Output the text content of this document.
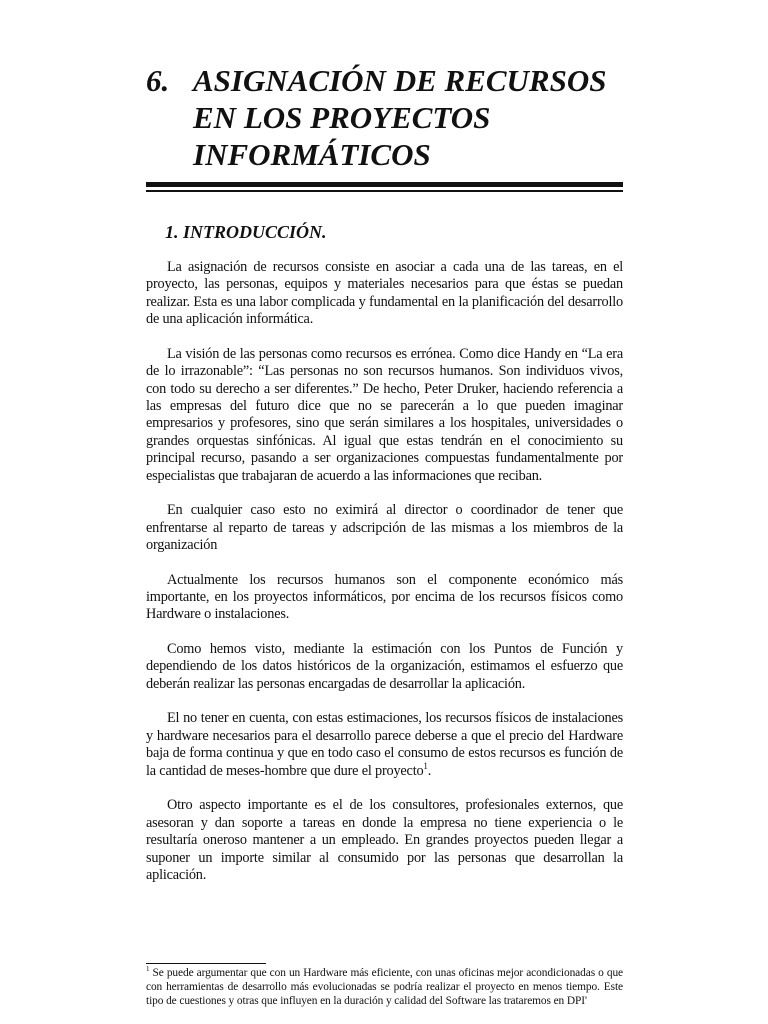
6. ASIGNACIÓN DE RECURSOS EN LOS PROYECTOS INFORMÁTICOS
1. INTRODUCCIÓN.

La asignación de recursos consiste en asociar a cada una de las tareas, en el proyecto, las personas, equipos y materiales necesarios para que éstas se puedan realizar. Esta es una labor complicada y fundamental en la planificación del desarrollo de una aplicación informática.

La visión de las personas como recursos es errónea. Como dice Handy en “La era de lo irrazonable”: “Las personas no son recursos humanos. Son individuos vivos, con todo su derecho a ser diferentes.” De hecho, Peter Druker, haciendo referencia a las empresas del futuro dice que no se parecerán a lo que pueden imaginar empresarios y profesores, sino que serán similares a los hospitales, universidades o grandes orquestas sinfónicas. Al igual que estas tendrán en el conocimiento su principal recurso, pasando a ser organizaciones compuestas fundamentalmente por especialistas que trabajaran de acuerdo a las informaciones que reciban.

En cualquier caso esto no eximirá al director o coordinador de tener que enfrentarse al reparto de tareas y adscripción de las mismas a los miembros de la organización

Actualmente los recursos humanos son el componente económico más importante, en los proyectos informáticos, por encima de los recursos físicos como Hardware o instalaciones.

Como hemos visto, mediante la estimación con los Puntos de Función y dependiendo de los datos históricos de la organización, estimamos el esfuerzo que deberán realizar las personas encargadas de desarrollar la aplicación.

El no tener en cuenta, con estas estimaciones, los recursos físicos de instalaciones y hardware necesarios para el desarrollo parece deberse a que el precio del Hardware baja de forma continua y que en todo caso el consumo de estos recursos es función de la cantidad de meses-hombre que dure el proyecto$^1$.

Otro aspecto importante es el de los consultores, profesionales externos, que asesoran y dan soporte a tareas en donde la empresa no tiene experiencia o le resultaría oneroso mantener a un empleado. En grandes proyectos pueden llegar a suponer un importe similar al consumido por las personas que desarrollan la aplicación.

$^1$ Se puede argumentar que con un Hardware más eficiente, con unas oficinas mejor acondicionadas o que con herramientas de desarrollo más evolucionadas se podría realizar el proyecto en menos tiempo. Este tipo de cuestiones y otras que influyen en la duración y calidad del Software las trataremos en DPI'
